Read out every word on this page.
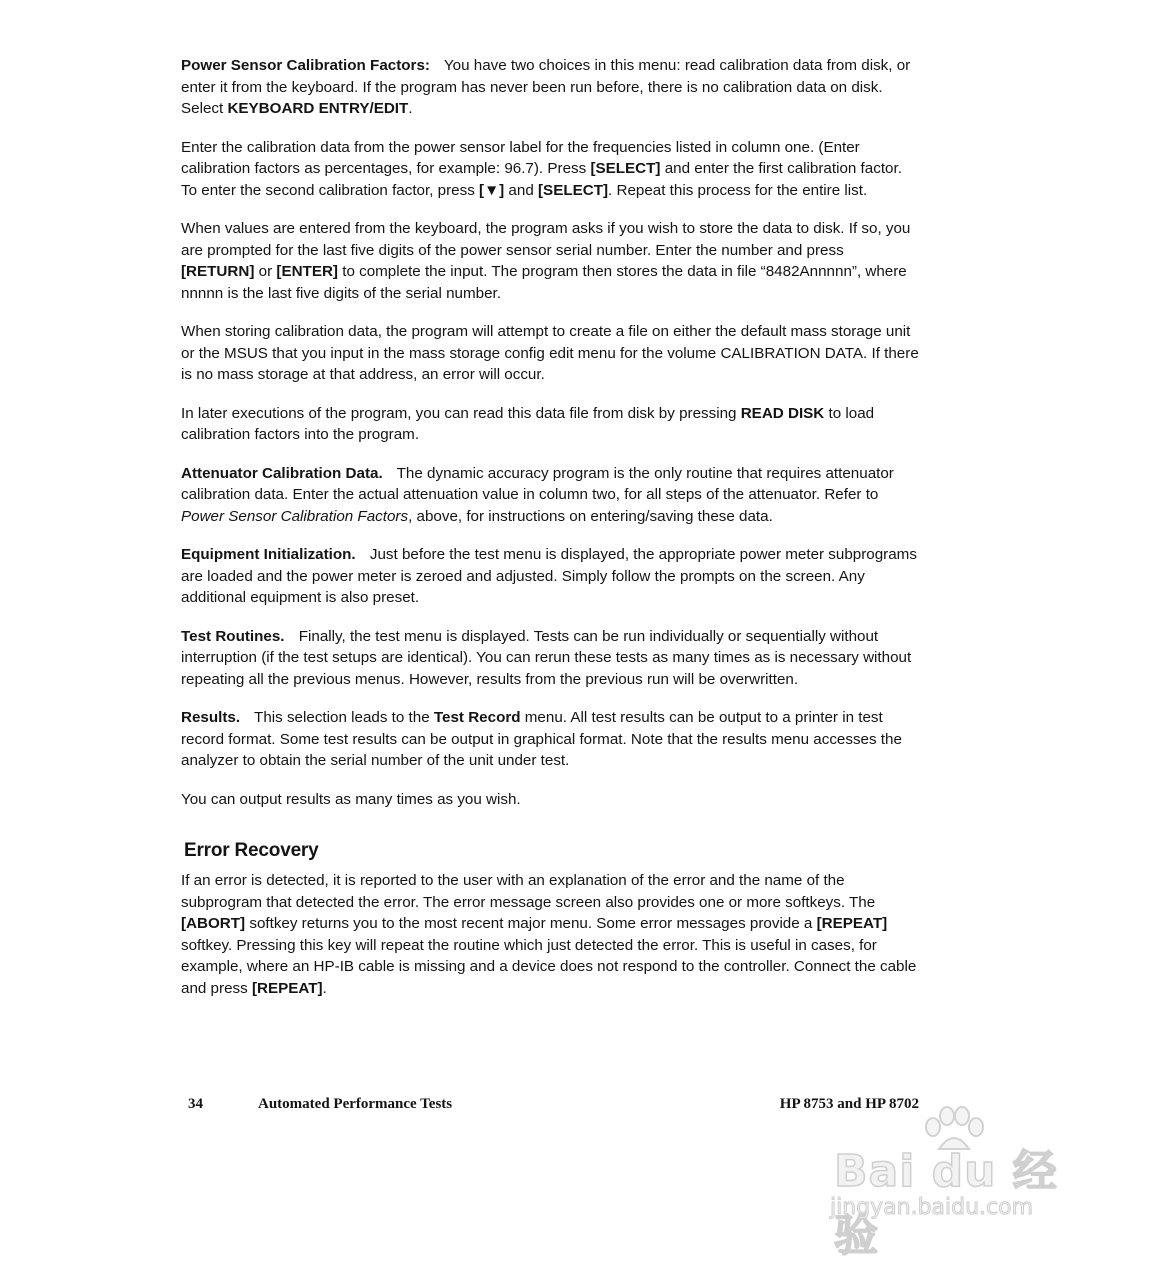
Power Sensor Calibration Factors: You have two choices in this menu: read calibration data from disk, or enter it from the keyboard. If the program has never been run before, there is no calibration data on disk. Select KEYBOARD ENTRY/EDIT.

Enter the calibration data from the power sensor label for the frequencies listed in column one. (Enter calibration factors as percentages, for example: 96.7). Press [SELECT] and enter the first calibration factor. To enter the second calibration factor, press [▼] and [SELECT]. Repeat this process for the entire list.

When values are entered from the keyboard, the program asks if you wish to store the data to disk. If so, you are prompted for the last five digits of the power sensor serial number. Enter the number and press [RETURN] or [ENTER] to complete the input. The program then stores the data in file “8482Annnnn”, where nnnnn is the last five digits of the serial number.

When storing calibration data, the program will attempt to create a file on either the default mass storage unit or the MSUS that you input in the mass storage config edit menu for the volume CALIBRATION DATA. If there is no mass storage at that address, an error will occur.

In later executions of the program, you can read this data file from disk by pressing READ DISK to load calibration factors into the program.

Attenuator Calibration Data. The dynamic accuracy program is the only routine that requires attenuator calibration data. Enter the actual attenuation value in column two, for all steps of the attenuator. Refer to Power Sensor Calibration Factors, above, for instructions on entering/saving these data.

Equipment Initialization. Just before the test menu is displayed, the appropriate power meter subprograms are loaded and the power meter is zeroed and adjusted. Simply follow the prompts on the screen. Any additional equipment is also preset.

Test Routines. Finally, the test menu is displayed. Tests can be run individually or sequentially without interruption (if the test setups are identical). You can rerun these tests as many times as is necessary without repeating all the previous menus. However, results from the previous run will be overwritten.

Results. This selection leads to the Test Record menu. All test results can be output to a printer in test record format. Some test results can be output in graphical format. Note that the results menu accesses the analyzer to obtain the serial number of the unit under test.

You can output results as many times as you wish.

Error Recovery

If an error is detected, it is reported to the user with an explanation of the error and the name of the subprogram that detected the error. The error message screen also provides one or more softkeys. The [ABORT] softkey returns you to the most recent major menu. Some error messages provide a [REPEAT] softkey. Pressing this key will repeat the routine which just detected the error. This is useful in cases, for example, where an HP-IB cable is missing and a device does not respond to the controller. Connect the cable and press [REPEAT].

34	Automated Performance Tests	HP 8753 and HP 8702
Bai du 经验
jingyan.baidu.com
